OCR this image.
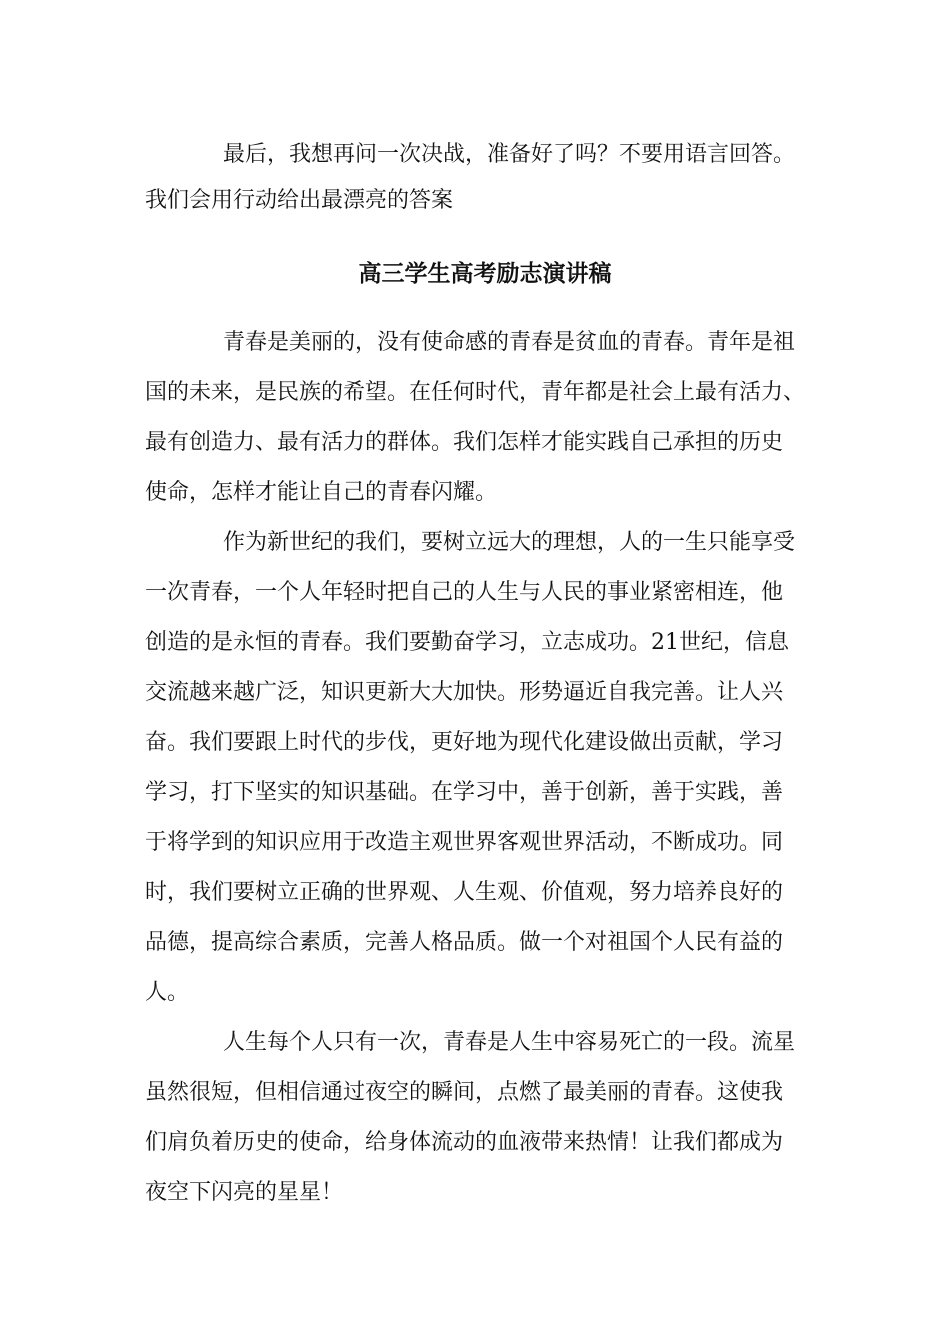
最后，我想再问一次决战，准备好了吗？不要用语言回答。
我们会用行动给出最漂亮的答案
高三学生高考励志演讲稿
青春是美丽的，没有使命感的青春是贫血的青春。青年是祖
国的未来，是民族的希望。在任何时代，青年都是社会上最有活力、
最有创造力、最有活力的群体。我们怎样才能实践自己承担的历史
使命，怎样才能让自己的青春闪耀。
作为新世纪的我们，要树立远大的理想，人的一生只能享受
一次青春，一个人年轻时把自己的人生与人民的事业紧密相连，他
创造的是永恒的青春。我们要勤奋学习，立志成功。21世纪，信息
交流越来越广泛，知识更新大大加快。形势逼近自我完善。让人兴
奋。我们要跟上时代的步伐，更好地为现代化建设做出贡献，学习
学习，打下坚实的知识基础。在学习中，善于创新，善于实践，善
于将学到的知识应用于改造主观世界客观世界活动，不断成功。同
时，我们要树立正确的世界观、人生观、价值观，努力培养良好的
品德，提高综合素质，完善人格品质。做一个对祖国个人民有益的
人。
人生每个人只有一次，青春是人生中容易死亡的一段。流星
虽然很短，但相信通过夜空的瞬间，点燃了最美丽的青春。这使我
们肩负着历史的使命，给身体流动的血液带来热情！让我们都成为
夜空下闪亮的星星！
